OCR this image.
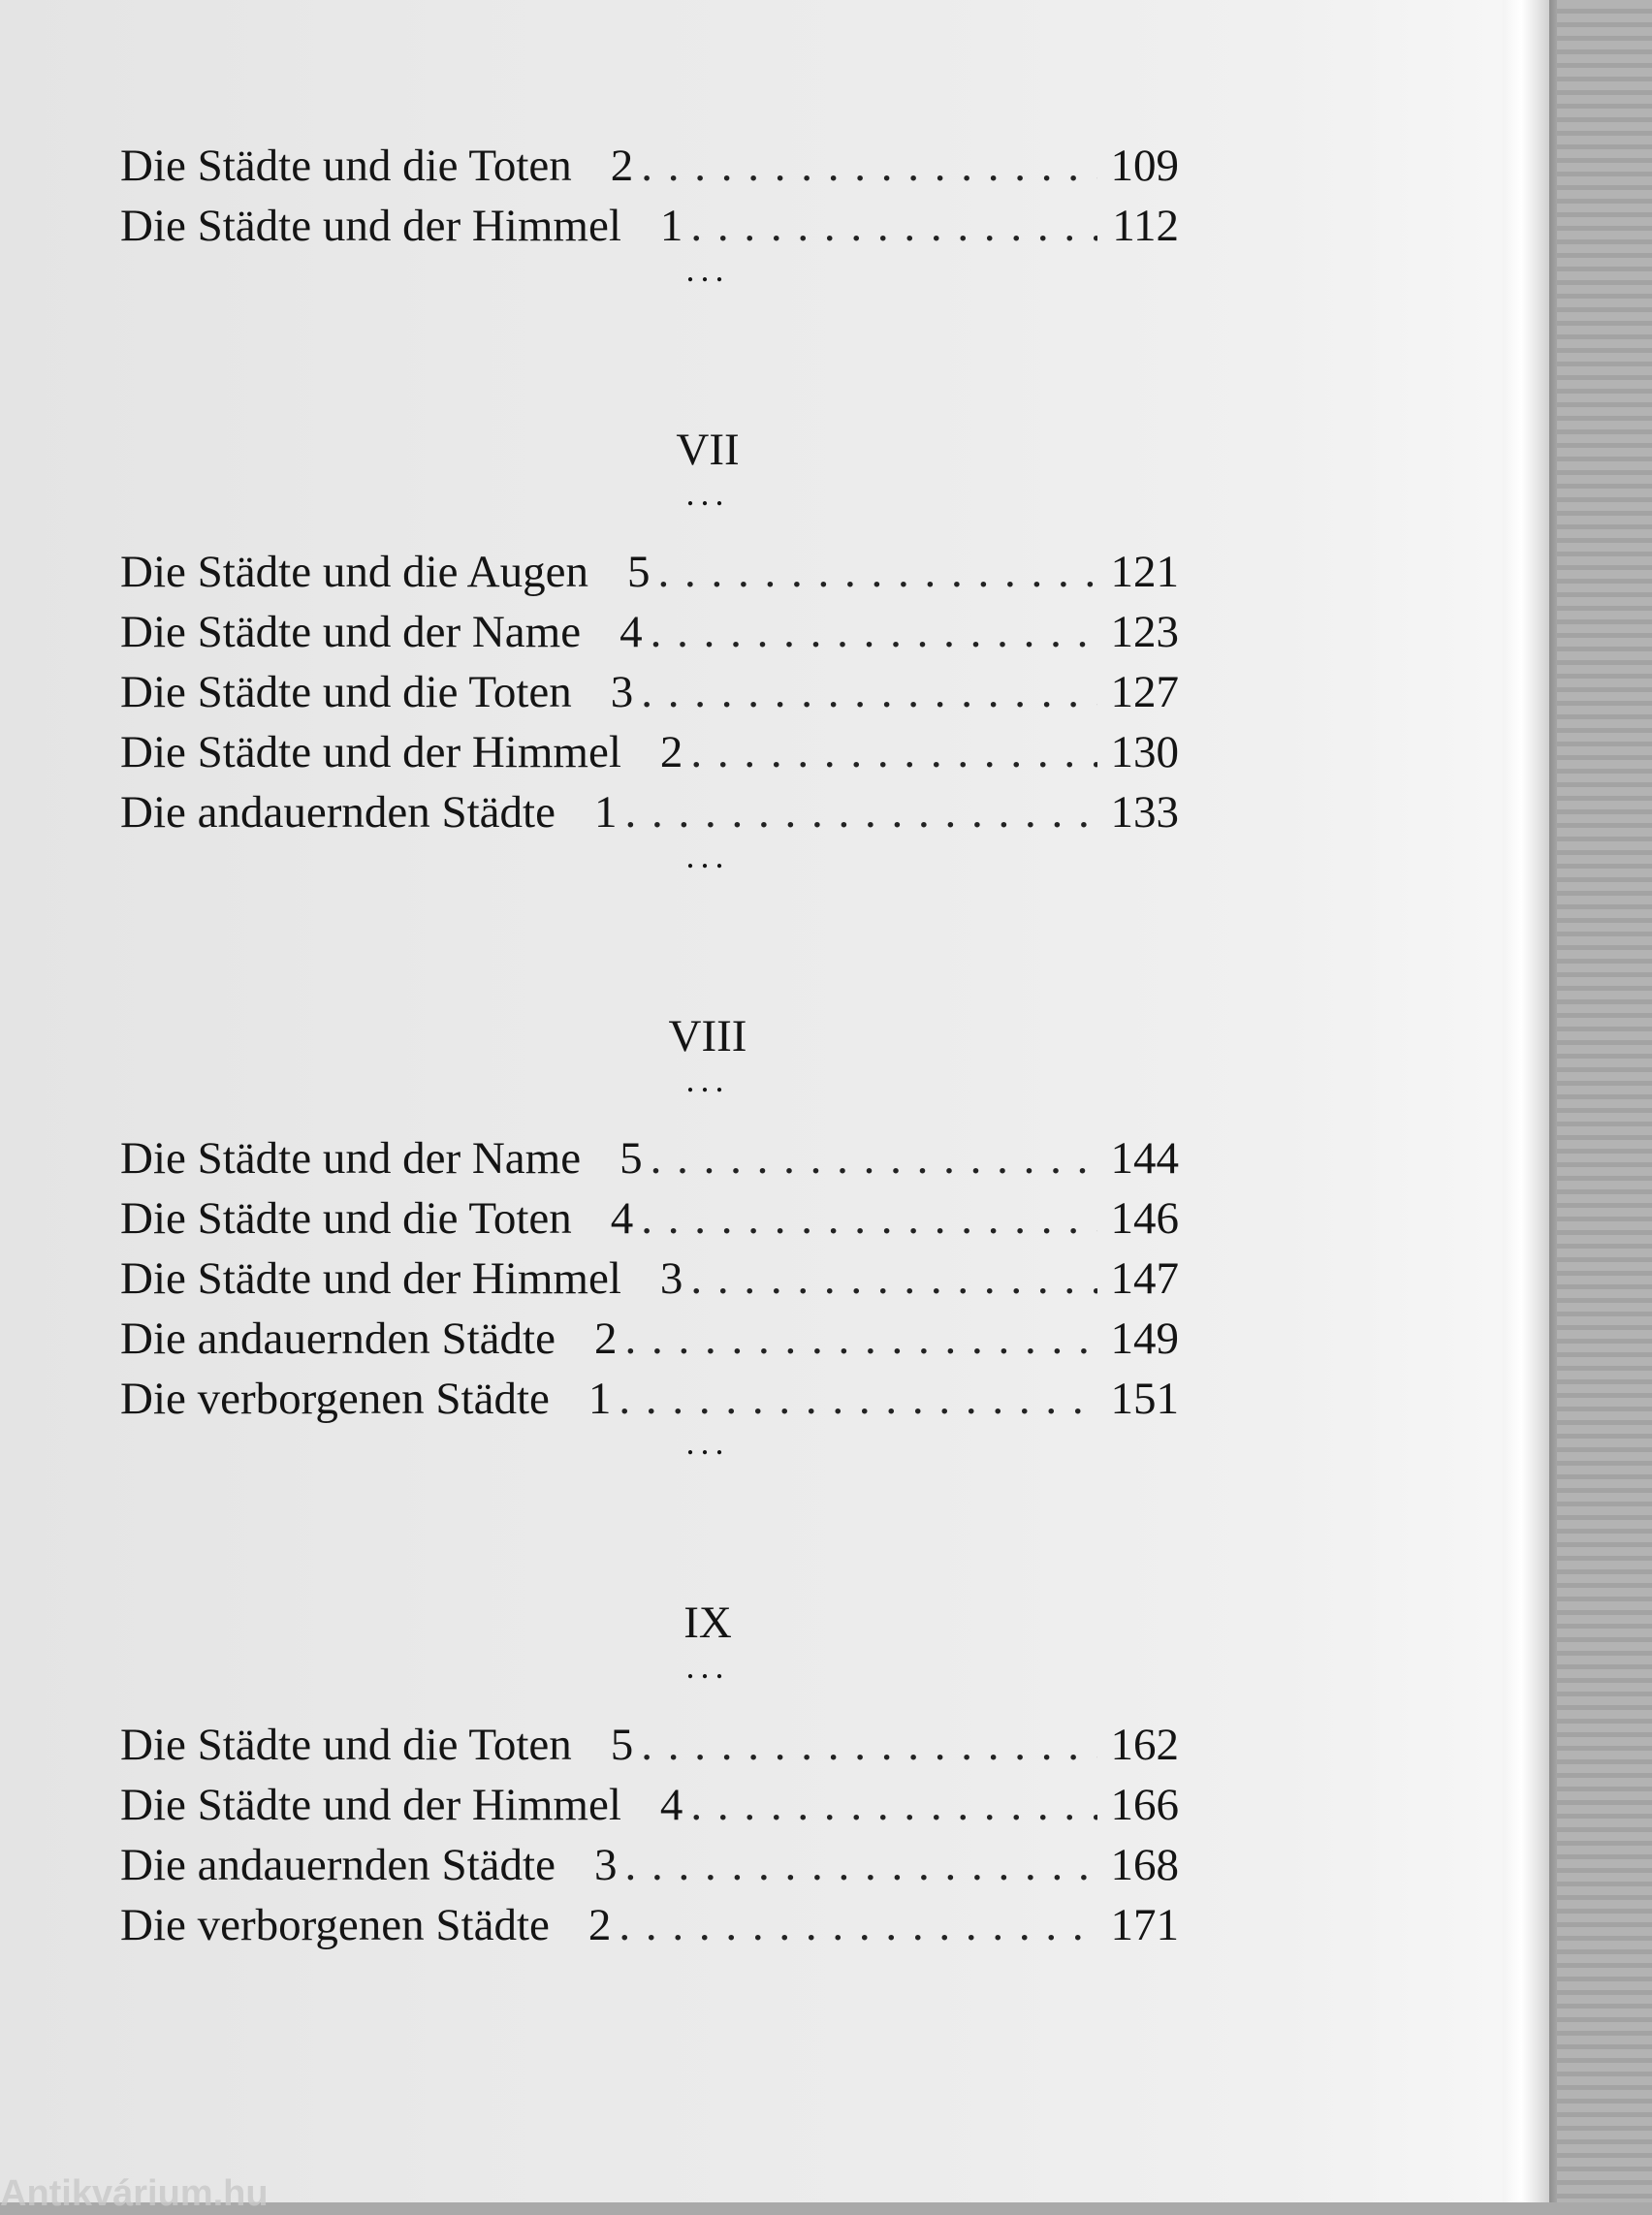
Die Städte und die Toten 2 . . .	109
Die Städte und der Himmel 1 . . .	112
...
VII
...
Die Städte und die Augen 5 . . .	121
Die Städte und der Name 4 . . .	123
Die Städte und die Toten 3 . . .	127
Die Städte und der Himmel 2 . . .	130
Die andauernden Städte 1 . . .	133
...
VIII
...
Die Städte und der Name 5 . . .	144
Die Städte und die Toten 4 . . .	146
Die Städte und der Himmel 3 . . .	147
Die andauernden Städte 2 . . .	149
Die verborgenen Städte 1 . . .	151
...
IX
...
Die Städte und die Toten 5 . . .	162
Die Städte und der Himmel 4 . . .	166
Die andauernden Städte 3 . . .	168
Die verborgenen Städte 2 . . .	171
Antikvárium.hu
